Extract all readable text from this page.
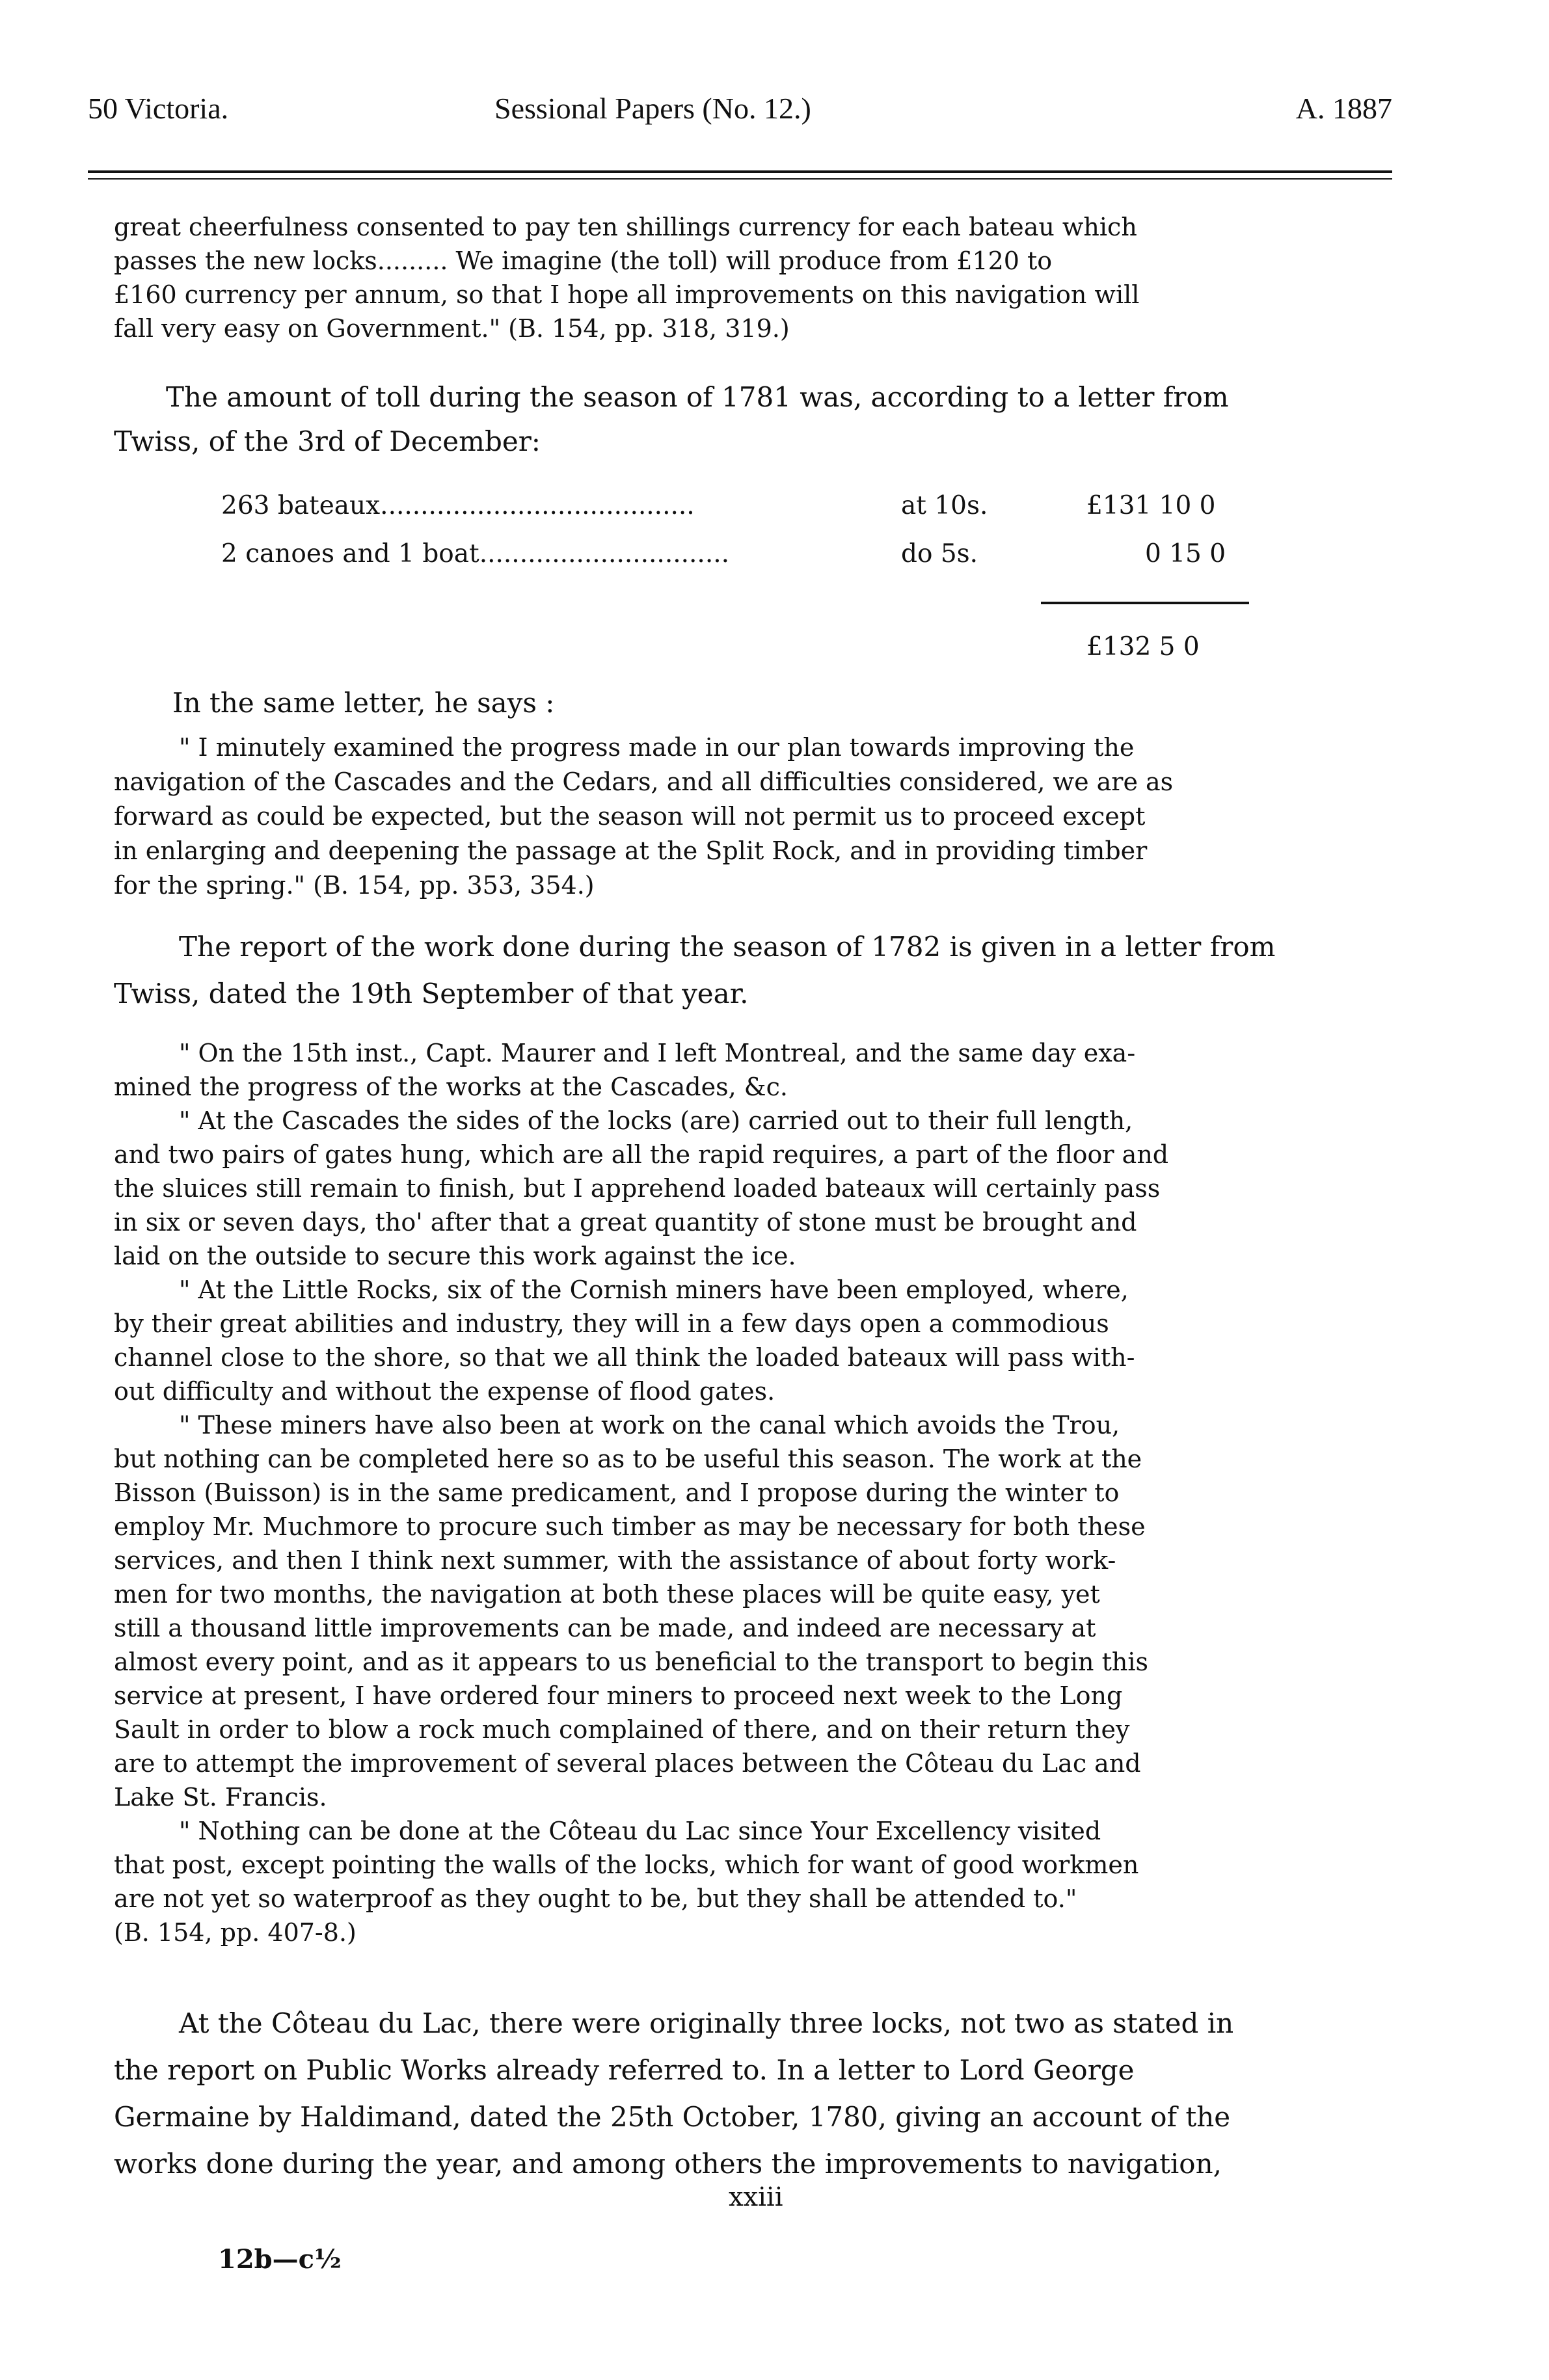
50 Victoria.	Sessional Papers (No. 12.)	A. 1887
great cheerfulness consented to pay ten shillings currency for each bateau which
passes the new locks......... We imagine (the toll) will produce from £120 to
£160 currency per annum, so that I hope all improvements on this navigation will
fall very easy on Government." (B. 154, pp. 318, 319.)
The amount of toll during the season of 1781 was, according to a letter from
Twiss, of the 3rd of December:
263 bateaux.......................................	at 10s.	£131 10 0
2 canoes and 1 boat...............................	do 5s.	0 15 0
£132 5 0
In the same letter, he says :
" I minutely examined the progress made in our plan towards improving the
navigation of the Cascades and the Cedars, and all difficulties considered, we are as
forward as could be expected, but the season will not permit us to proceed except
in enlarging and deepening the passage at the Split Rock, and in providing timber
for the spring." (B. 154, pp. 353, 354.)
The report of the work done during the season of 1782 is given in a letter from
Twiss, dated the 19th September of that year.
" On the 15th inst., Capt. Maurer and I left Montreal, and the same day exa-
mined the progress of the works at the Cascades, &c.
" At the Cascades the sides of the locks (are) carried out to their full length,
and two pairs of gates hung, which are all the rapid requires, a part of the floor and
the sluices still remain to finish, but I apprehend loaded bateaux will certainly pass
in six or seven days, tho' after that a great quantity of stone must be brought and
laid on the outside to secure this work against the ice.
" At the Little Rocks, six of the Cornish miners have been employed, where,
by their great abilities and industry, they will in a few days open a commodious
channel close to the shore, so that we all think the loaded bateaux will pass with-
out difficulty and without the expense of flood gates.
" These miners have also been at work on the canal which avoids the Trou,
but nothing can be completed here so as to be useful this season. The work at the
Bisson (Buisson) is in the same predicament, and I propose during the winter to
employ Mr. Muchmore to procure such timber as may be necessary for both these
services, and then I think next summer, with the assistance of about forty work-
men for two months, the navigation at both these places will be quite easy, yet
still a thousand little improvements can be made, and indeed are necessary at
almost every point, and as it appears to us beneficial to the transport to begin this
service at present, I have ordered four miners to proceed next week to the Long
Sault in order to blow a rock much complained of there, and on their return they
are to attempt the improvement of several places between the Côteau du Lac and
Lake St. Francis.
" Nothing can be done at the Côteau du Lac since Your Excellency visited
that post, except pointing the walls of the locks, which for want of good workmen
are not yet so waterproof as they ought to be, but they shall be attended to."
(B. 154, pp. 407-8.)
At the Côteau du Lac, there were originally three locks, not two as stated in
the report on Public Works already referred to. In a letter to Lord George
Germaine by Haldimand, dated the 25th October, 1780, giving an account of the
works done during the year, and among others the improvements to navigation,
xxiii
12b—c½
